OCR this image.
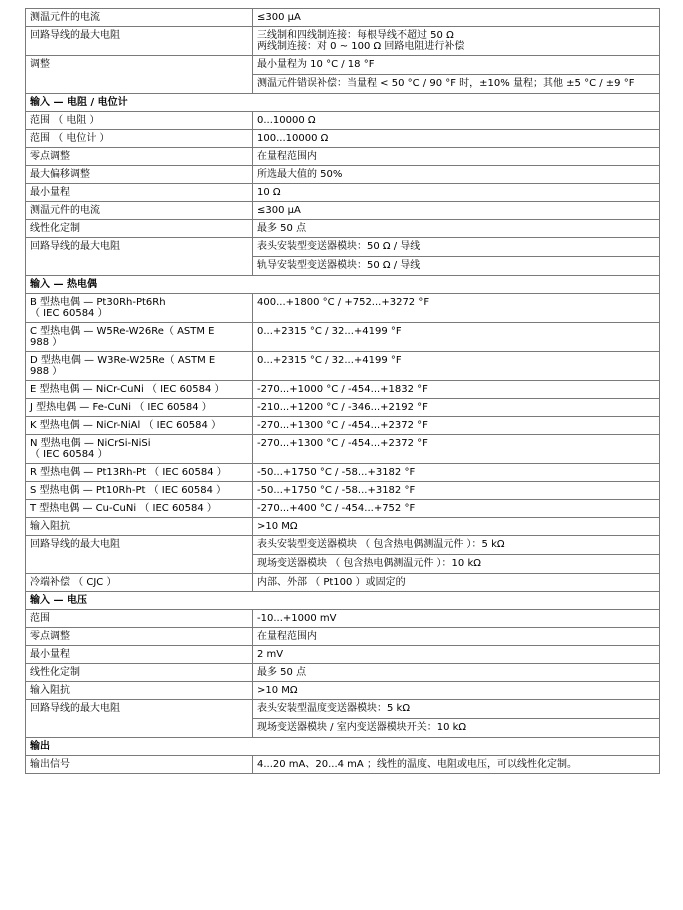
测温元件的电流	≤300 µA
回路导线的最大电阻	三线制和四线制连接：每根导线不超过 50 Ω
两线制连接：对 0 ~ 100 Ω 回路电阻进行补偿

调整	最小量程为 10 °C / 18 °F
	测温元件错误补偿：当量程 < 50 °C / 90 °F 时，±10% 量程；其他 ±5 °C / ±9 °F
输入 — 电阻 / 电位计	
范围 （ 电阻 ）	0...10000 Ω
范围 （ 电位计 ）	100...10000 Ω
零点调整	在量程范围内
最大偏移调整	所选最大值的 50%
最小量程	10 Ω
测温元件的电流	≤300 µA
线性化定制	最多 50 点
回路导线的最大电阻	表头安装型变送器模块：50 Ω / 导线
	轨导安装型变送器模块：50 Ω / 导线
输入 — 热电偶	

B 型热电偶 — Pt30Rh-Pt6Rh
（ IEC 60584 ）	400...+1800 °C / +752...+3272 °F

C 型热电偶 — W5Re-W26Re（ ASTM E
988 ）	0...+2315 °C / 32...+4199 °F

D 型热电偶 — W3Re-W25Re（ ASTM E
988 ）	0...+2315 °C / 32...+4199 °F
E 型热电偶 — NiCr-CuNi （ IEC 60584 ）	-270...+1000 °C / -454...+1832 °F
J 型热电偶 — Fe-CuNi （ IEC 60584 ）	-210...+1200 °C / -346...+2192 °F
K 型热电偶 — NiCr-NiAl （ IEC 60584 ）	-270...+1300 °C / -454...+2372 °F

N 型热电偶 — NiCrSi-NiSi
（ IEC 60584 ）	-270...+1300 °C / -454...+2372 °F
R 型热电偶 — Pt13Rh-Pt （ IEC 60584 ）	-50...+1750 °C / -58...+3182 °F
S 型热电偶 — Pt10Rh-Pt （ IEC 60584 ）	-50...+1750 °C / -58...+3182 °F
T 型热电偶 — Cu-CuNi （ IEC 60584 ）	-270...+400 °C / -454...+752 °F
输入阻抗	>10 MΩ
回路导线的最大电阻	表头安装型变送器模块 （ 包含热电偶测温元件 ）：5 kΩ
	现场变送器模块 （ 包含热电偶测温元件 ）：10 kΩ
冷端补偿 （ CJC ）	内部、外部 （ Pt100 ）或固定的
输入 — 电压	
范围	-10...+1000 mV
零点调整	在量程范围内
最小量程	2 mV
线性化定制	最多 50 点
输入阻抗	>10 MΩ
回路导线的最大电阻	表头安装型温度变送器模块：5 kΩ
	现场变送器模块 / 室内变送器模块开关：10 kΩ
输出	
输出信号	4...20 mA、20...4 mA ；线性的温度、电阻或电压，可以线性化定制。
